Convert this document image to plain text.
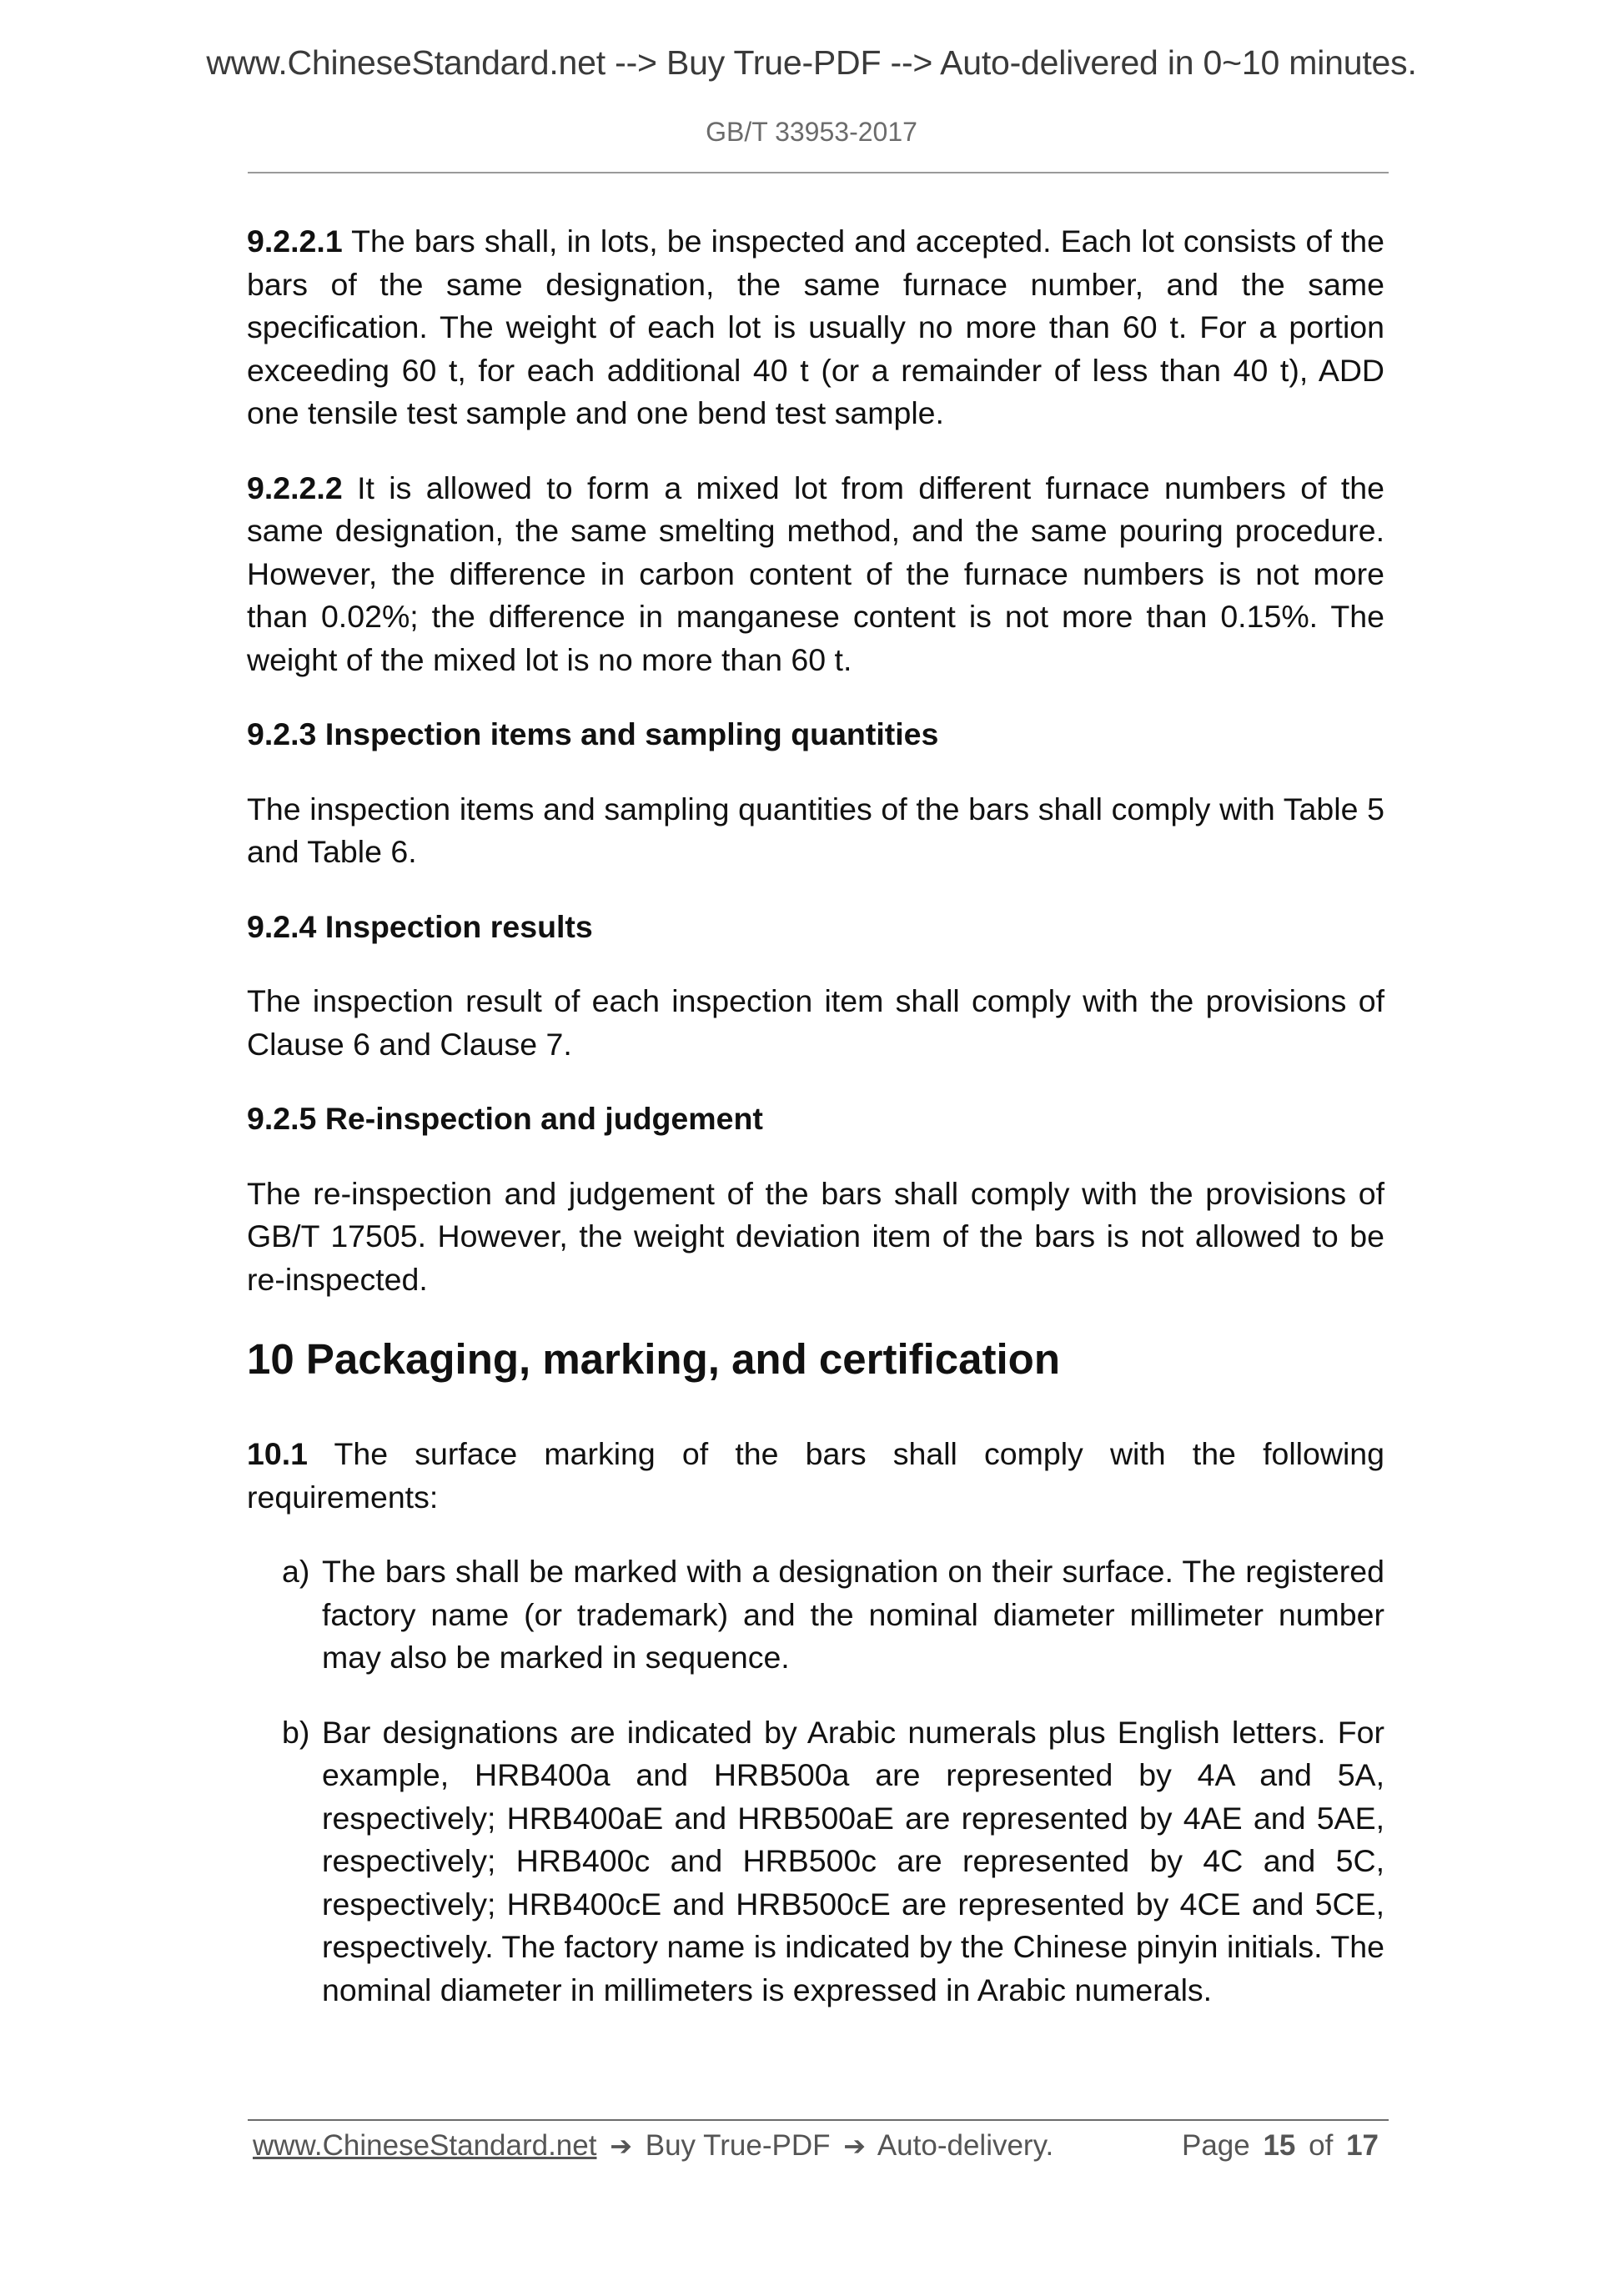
www.ChineseStandard.net --> Buy True-PDF --> Auto-delivered in 0~10 minutes.
GB/T 33953-2017

9.2.2.1 The bars shall, in lots, be inspected and accepted. Each lot consists of the bars of the same designation, the same furnace number, and the same specification. The weight of each lot is usually no more than 60 t. For a portion exceeding 60 t, for each additional 40 t (or a remainder of less than 40 t), ADD one tensile test sample and one bend test sample.

9.2.2.2 It is allowed to form a mixed lot from different furnace numbers of the same designation, the same smelting method, and the same pouring procedure. However, the difference in carbon content of the furnace numbers is not more than 0.02%; the difference in manganese content is not more than 0.15%. The weight of the mixed lot is no more than 60 t.

9.2.3 Inspection items and sampling quantities

The inspection items and sampling quantities of the bars shall comply with Table 5 and Table 6.

9.2.4 Inspection results

The inspection result of each inspection item shall comply with the provisions of Clause 6 and Clause 7.

9.2.5 Re-inspection and judgement

The re-inspection and judgement of the bars shall comply with the provisions of GB/T 17505. However, the weight deviation item of the bars is not allowed to be re-inspected.

10 Packaging, marking, and certification

10.1 The surface marking of the bars shall comply with the following requirements:

a) The bars shall be marked with a designation on their surface. The registered factory name (or trademark) and the nominal diameter millimeter number may also be marked in sequence.
b) Bar designations are indicated by Arabic numerals plus English letters. For example, HRB400a and HRB500a are represented by 4A and 5A, respectively; HRB400aE and HRB500aE are represented by 4AE and 5AE, respectively; HRB400c and HRB500c are represented by 4C and 5C, respectively; HRB400cE and HRB500cE are represented by 4CE and 5CE, respectively. The factory name is indicated by the Chinese pinyin initials. The nominal diameter in millimeters is expressed in Arabic numerals.
www.ChineseStandard.net ➔ Buy True-PDF ➔ Auto-delivery.	Page 15 of 17
